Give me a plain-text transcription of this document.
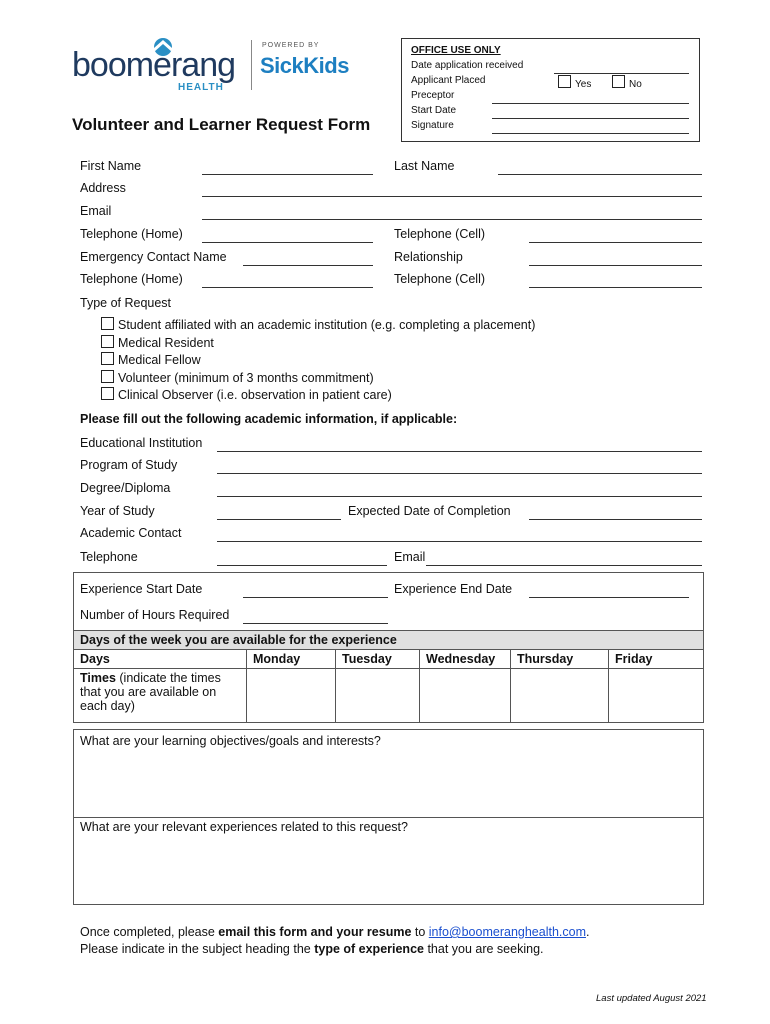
boomerang
HEALTH
POWERED BY
SickKids
OFFICE USE ONLY
Date application received
Applicant Placed	Yes	No
Preceptor
Start Date
Signature
Volunteer and Learner Request Form
First Name	Last Name
Address
Email
Telephone (Home)	Telephone (Cell)
Emergency Contact Name	Relationship
Telephone (Home)	Telephone (Cell)
Type of Request
Student affiliated with an academic institution (e.g. completing a placement)
Medical Resident
Medical Fellow
Volunteer (minimum of 3 months commitment)
Clinical Observer (i.e. observation in patient care)
Please fill out the following academic information, if applicable:
Educational Institution
Program of Study
Degree/Diploma
Year of Study	Expected Date of Completion
Academic Contact
Telephone	Email
Experience Start Date	Experience End Date
Number of Hours Required
Days of the week you are available for the experience					
Days	Monday	Tuesday	Wednesday	Thursday	Friday
Times (indicate the times that you are available on each day)					
What are your learning objectives/goals and interests?
What are your relevant experiences related to this request?
Once completed, please email this form and your resume to info@boomeranghealth.com.
Please indicate in the subject heading the type of experience that you are seeking.
Last updated August 2021
